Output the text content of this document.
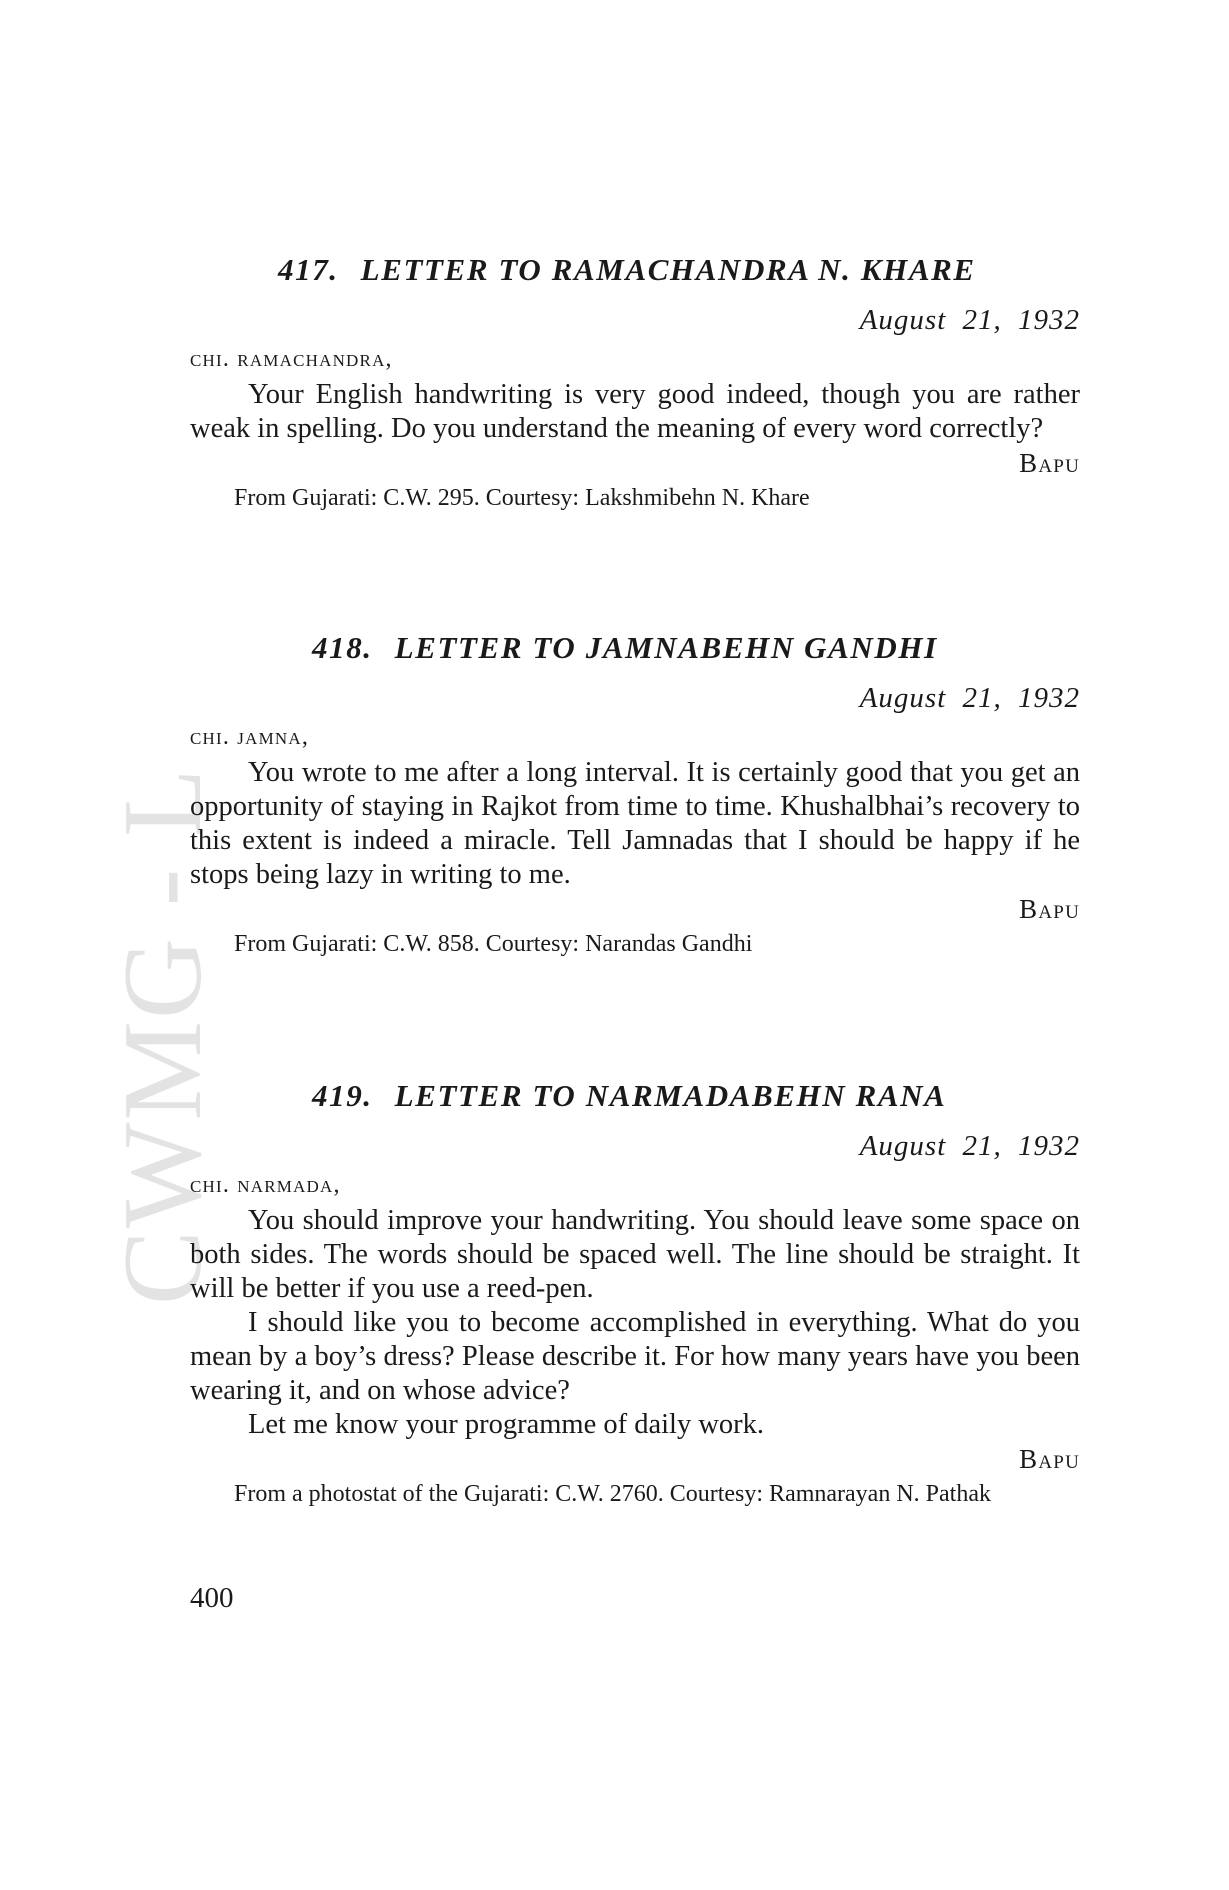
CWMG - L
417. LETTER TO RAMACHANDRA N. KHARE

August 21, 1932

chi. ramachandra,

Your English handwriting is very good indeed, though you are rather weak in spelling. Do you understand the meaning of every word correctly?

Bapu

From Gujarati: C.W. 295. Courtesy: Lakshmibehn N. Khare

418. LETTER TO JAMNABEHN GANDHI

August 21, 1932

chi. jamna,

You wrote to me after a long interval. It is certainly good that you get an opportunity of staying in Rajkot from time to time. Khushalbhai’s recovery to this extent is indeed a miracle. Tell Jamnadas that I should be happy if he stops being lazy in writing to me.

Bapu

From Gujarati: C.W. 858. Courtesy: Narandas Gandhi

419. LETTER TO NARMADABEHN RANA

August 21, 1932

chi. narmada,

You should improve your handwriting. You should leave some space on both sides. The words should be spaced well. The line should be straight. It will be better if you use a reed-pen.
I should like you to become accomplished in everything. What do you mean by a boy’s dress? Please describe it. For how many years have you been wearing it, and on whose advice?
Let me know your programme of daily work.

Bapu

From a photostat of the Gujarati: C.W. 2760. Courtesy: Ramnarayan N. Pathak

400
